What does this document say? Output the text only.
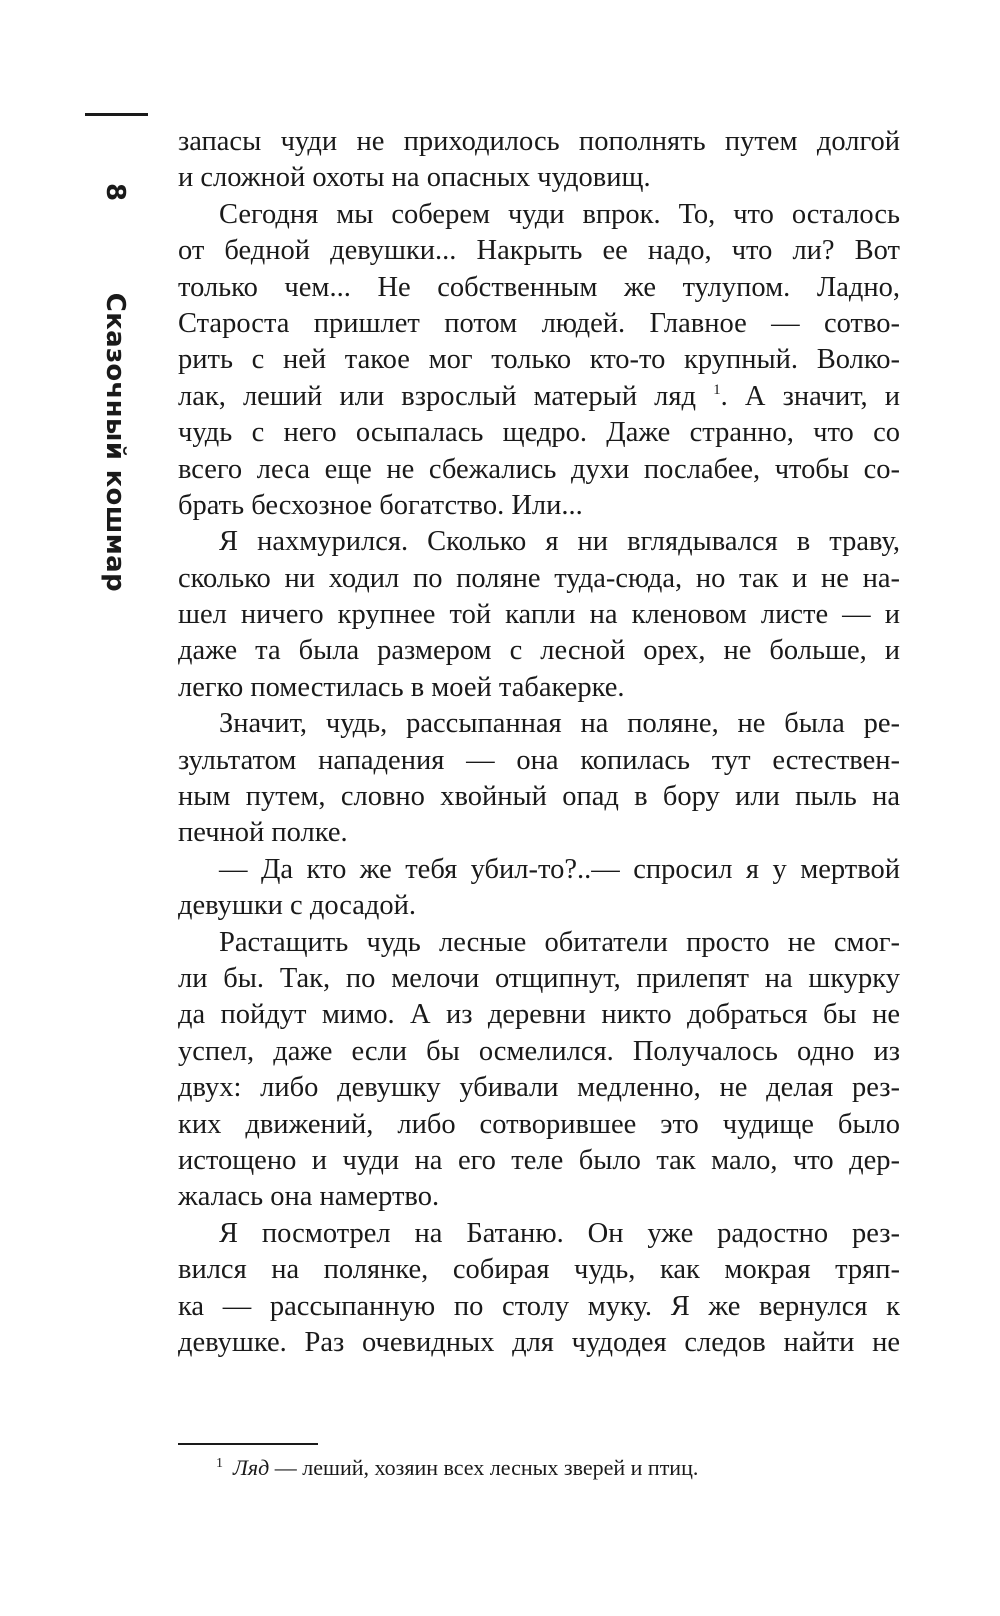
8 Сказочный кошмар
запасы чуди не приходилось пополнять путем долгой
и сложной охоты на опасных чудовищ.
Сегодня мы соберем чуди впрок. То, что осталось
от бедной девушки... Накрыть ее надо, что ли? Вот
только чем... Не собственным же тулупом. Ладно,
Староста пришлет потом людей. Главное — сотво-
рить с ней такое мог только кто-то крупный. Волко-
лак, леший или взрослый матерый ляд $^1$. А значит, и
чудь с него осыпалась щедро. Даже странно, что со
всего леса еще не сбежались духи послабее, чтобы со-
брать бесхозное богатство. Или...
Я нахмурился. Сколько я ни вглядывался в траву,
сколько ни ходил по поляне туда-сюда, но так и не на-
шел ничего крупнее той капли на кленовом листе — и
даже та была размером с лесной орех, не больше, и
легко поместилась в моей табакерке.
Значит, чудь, рассыпанная на поляне, не была ре-
зультатом нападения — она копилась тут естествен-
ным путем, словно хвойный опад в бору или пыль на
печной полке.
— Да кто же тебя убил-то?..— спросил я у мертвой
девушки с досадой.
Растащить чудь лесные обитатели просто не смог-
ли бы. Так, по мелочи отщипнут, прилепят на шкурку
да пойдут мимо. А из деревни никто добраться бы не
успел, даже если бы осмелился. Получалось одно из
двух: либо девушку убивали медленно, не делая рез-
ких движений, либо сотворившее это чудище было
истощено и чуди на его теле было так мало, что дер-
жалась она намертво.
Я посмотрел на Батаню. Он уже радостно рез-
вился на полянке, собирая чудь, как мокрая тряп-
ка — рассыпанную по столу муку. Я же вернулся к
девушке. Раз очевидных для чудодея следов найти не
$^1$ Ляд — леший, хозяин всех лесных зверей и птиц.
